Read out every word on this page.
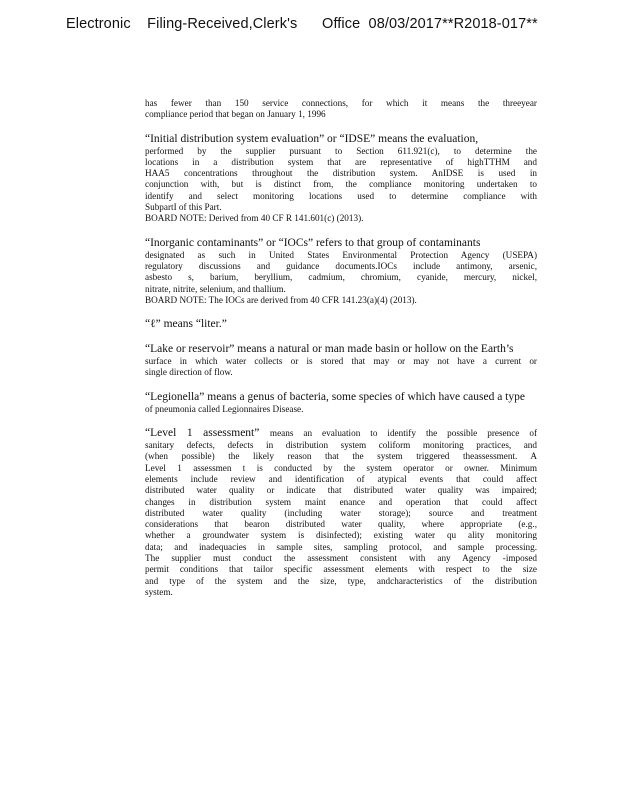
Electronic    Filing-Received,Clerk's      Office  08/03/2017**R2018-017**
has fewer than 150 service connections, for which it means the threeyear
compliance period that began on January 1, 1996
“Initial distribution system evaluation” or “IDSE” means the evaluation,
performed by the supplier pursuant to Section 611.921(c), to determine the
locations in a distribution system that are representative of highTTHM and
HAA5 concentrations throughout the distribution system. AnIDSE is used in
conjunction with, but is distinct from, the compliance monitoring undertaken to
identify and select monitoring locations used to determine compliance with
SubpartI of this Part.
BOARD NOTE: Derived from 40 CF R 141.601(c) (2013).
“Inorganic contaminants” or “IOCs” refers to that group of contaminants
designated as such in United States Environmental Protection Agency (USEPA)
regulatory discussions and guidance documents.IOCs include antimony, arsenic,
asbesto s, barium, beryllium, cadmium, chromium, cyanide, mercury, nickel,
nitrate, nitrite, selenium, and thallium.
BOARD NOTE: The IOCs are derived from 40 CFR 141.23(a)(4) (2013).
“ℓ” means “liter.”
“Lake or reservoir” means a natural or man made basin or hollow on the Earth’s
surface in which water collects or is stored that may or may not have a current or
single direction of flow.
“Legionella” means a genus of bacteria, some species of which have caused a type
of pneumonia called Legionnaires Disease.
“Level 1 assessment” means an evaluation to identify the possible presence of
sanitary defects, defects in distribution system coliform monitoring practices, and
(when possible) the likely reason that the system triggered theassessment. A
Level 1 assessmen t is conducted by the system operator or owner. Minimum
elements include review and identification of atypical events that could affect
distributed water quality or indicate that distributed water quality was impaired;
changes in distribution system maint enance and operation that could affect
distributed water quality (including water storage); source and treatment
considerations that bearon distributed water quality, where appropriate (e.g.,
whether a groundwater system is disinfected); existing water qu ality monitoring
data; and inadequacies in sample sites, sampling protocol, and sample processing.
The supplier must conduct the assessment consistent with any Agency -imposed
permit conditions that tailor specific assessment elements with respect to the size
and type of the system and the size, type, andcharacteristics of the distribution
system.
